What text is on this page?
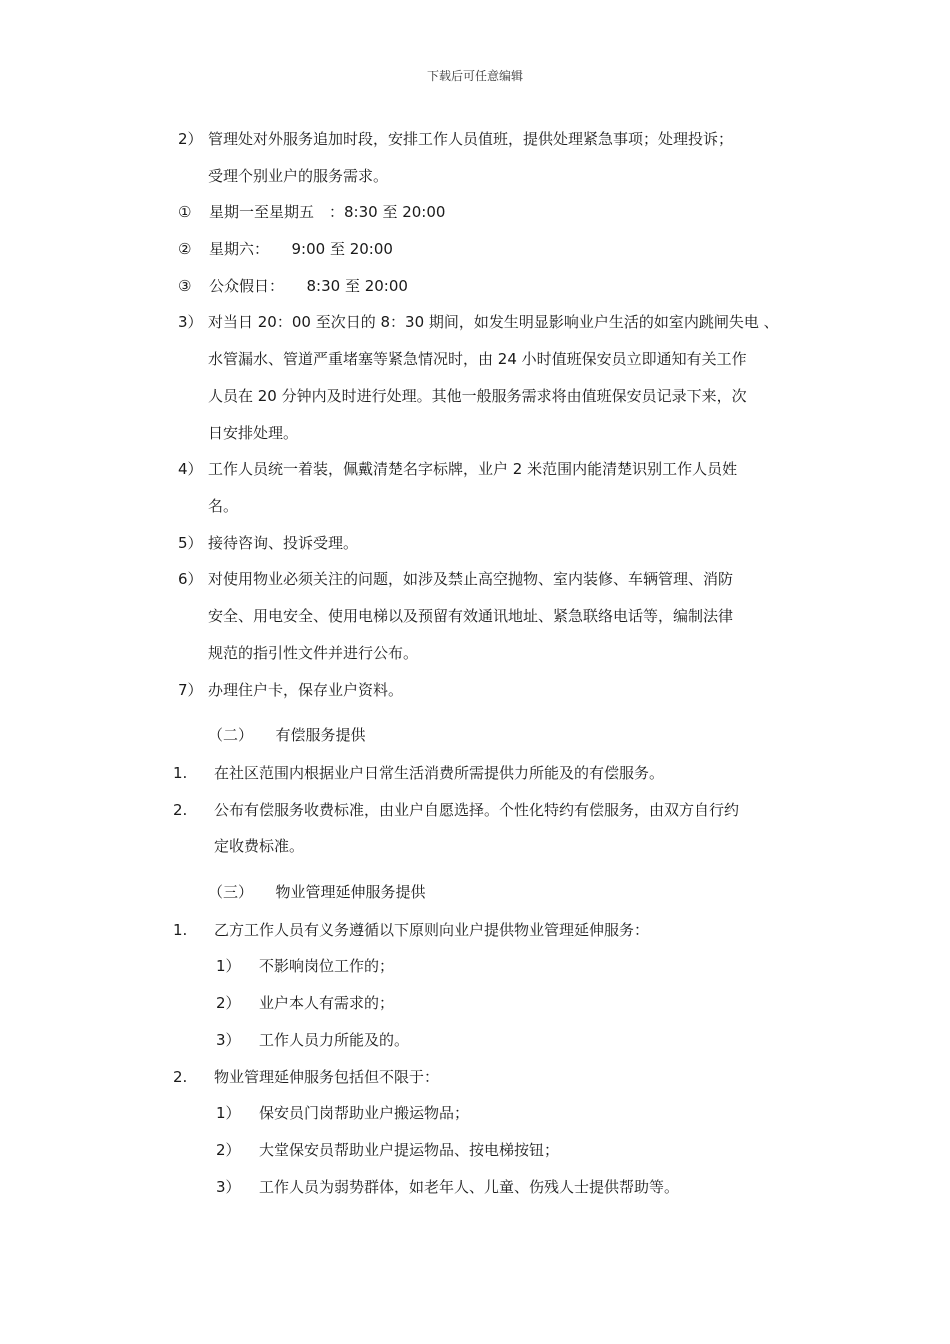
下载后可任意编辑
2） 管理处对外服务追加时段，安排工作人员值班，提供处理紧急事项；处理投诉；
受理个别业户的服务需求。
① 星期一至星期五　：8:30 至 20:00
② 星期六：　　9:00 至 20:00
③ 公众假日：　　8:30 至 20:00
3） 对当日 20：00 至次日的 8：30 期间，如发生明显影响业户生活的如室内跳闸失电 、
水管漏水、管道严重堵塞等紧急情况时，由 24 小时值班保安员立即通知有关工作
人员在 20 分钟内及时进行处理。其他一般服务需求将由值班保安员记录下来，次
日安排处理。
4） 工作人员统一着装，佩戴清楚名字标牌，业户 2 米范围内能清楚识别工作人员姓
名。
5） 接待咨询、投诉受理。
6） 对使用物业必须关注的问题，如涉及禁止高空抛物、室内装修、车辆管理、消防
安全、用电安全、使用电梯以及预留有效通讯地址、紧急联络电话等，编制法律
规范的指引性文件并进行公布。
7） 办理住户卡，保存业户资料。
（二）　　有偿服务提供
1. 在社区范围内根据业户日常生活消费所需提供力所能及的有偿服务。
2. 公布有偿服务收费标准，由业户自愿选择。个性化特约有偿服务，由双方自行约
定收费标准。
（三）　　物业管理延伸服务提供
1. 乙方工作人员有义务遵循以下原则向业户提供物业管理延伸服务：
1） 不影响岗位工作的；
2） 业户本人有需求的；
3） 工作人员力所能及的。
2. 物业管理延伸服务包括但不限于：
1） 保安员门岗帮助业户搬运物品；
2） 大堂保安员帮助业户提运物品、按电梯按钮；
3） 工作人员为弱势群体，如老年人、儿童、伤残人士提供帮助等。
